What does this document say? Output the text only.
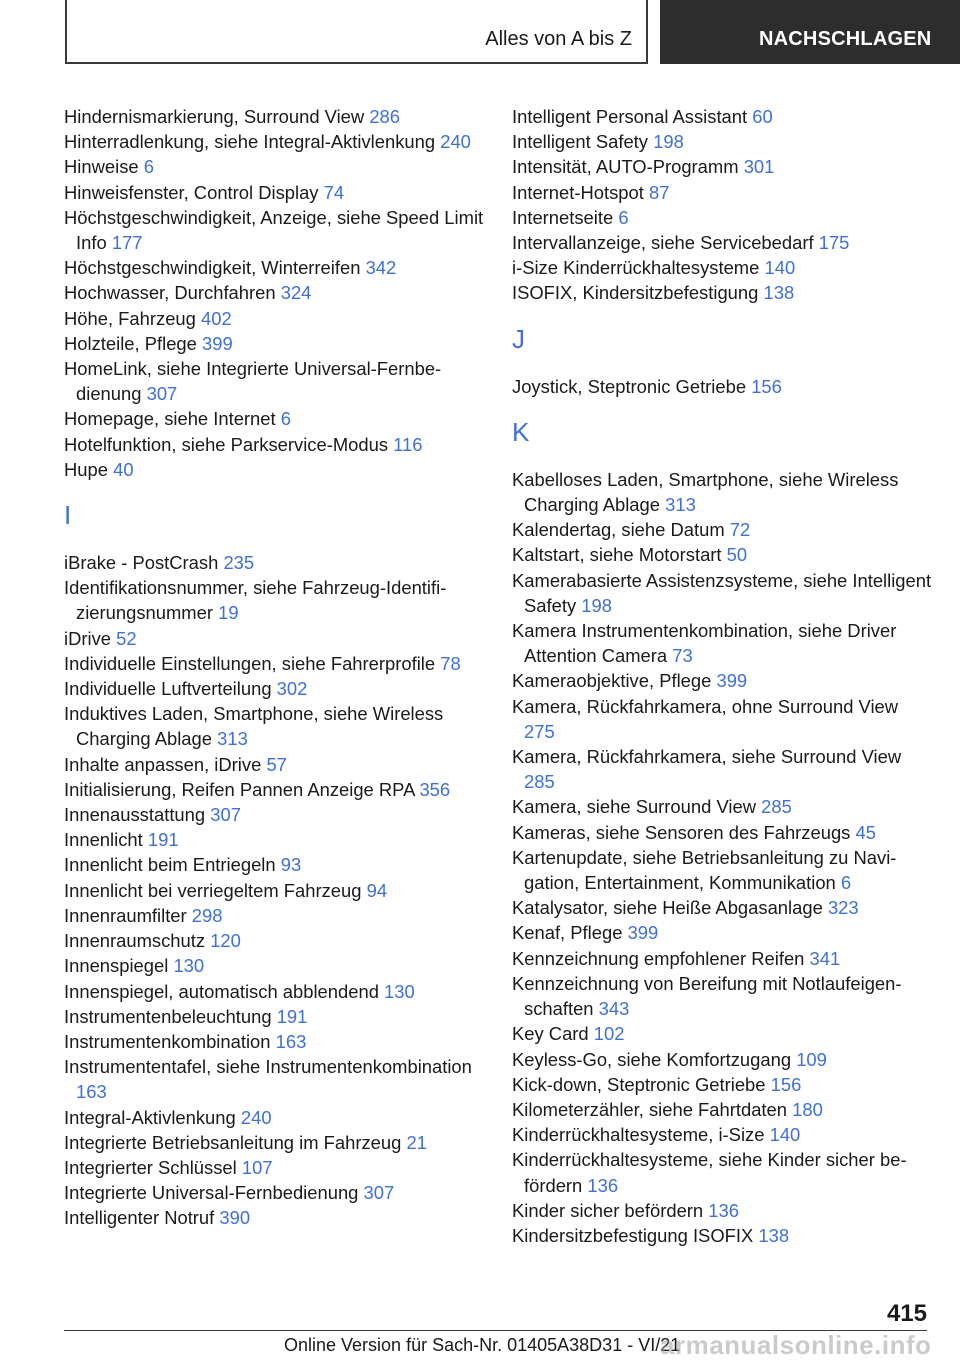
Alles von A bis Z	NACHSCHLAGEN
Hindernismarkierung, Surround View 286
Hinterradlenkung, siehe Integral-Aktivlenkung 240
Hinweise 6
Hinweisfenster, Control Display 74
Höchstgeschwindigkeit, Anzeige, siehe Speed Limit Info 177
Höchstgeschwindigkeit, Winterreifen 342
Hochwasser, Durchfahren 324
Höhe, Fahrzeug 402
Holzteile, Pflege 399
HomeLink, siehe Integrierte Universal-Fernbedienung 307
Homepage, siehe Internet 6
Hotelfunktion, siehe Parkservice-Modus 116
Hupe 40
I
iBrake - PostCrash 235
Identifikationsnummer, siehe Fahrzeug-Identifizierungsnummer 19
iDrive 52
Individuelle Einstellungen, siehe Fahrerprofile 78
Individuelle Luftverteilung 302
Induktives Laden, Smartphone, siehe Wireless Charging Ablage 313
Inhalte anpassen, iDrive 57
Initialisierung, Reifen Pannen Anzeige RPA 356
Innenausstattung 307
Innenlicht 191
Innenlicht beim Entriegeln 93
Innenlicht bei verriegeltem Fahrzeug 94
Innenraumfilter 298
Innenraumschutz 120
Innenspiegel 130
Innenspiegel, automatisch abblendend 130
Instrumentenbeleuchtung 191
Instrumentenkombination 163
Instrumententafel, siehe Instrumentenkombination 163
Integral-Aktivlenkung 240
Integrierte Betriebsanleitung im Fahrzeug 21
Integrierter Schlüssel 107
Integrierte Universal-Fernbedienung 307
Intelligenter Notruf 390
Intelligent Personal Assistant 60
Intelligent Safety 198
Intensität, AUTO-Programm 301
Internet-Hotspot 87
Internetseite 6
Intervallanzeige, siehe Servicebedarf 175
i-Size Kinderrückhaltesysteme 140
ISOFIX, Kindersitzbefestigung 138
J
Joystick, Steptronic Getriebe 156
K
Kabelloses Laden, Smartphone, siehe Wireless Charging Ablage 313
Kalendertag, siehe Datum 72
Kaltstart, siehe Motorstart 50
Kamerabasierte Assistenzsysteme, siehe Intelligent Safety 198
Kamera Instrumentenkombination, siehe Driver Attention Camera 73
Kameraobjektive, Pflege 399
Kamera, Rückfahrkamera, ohne Surround View 275
Kamera, Rückfahrkamera, siehe Surround View 285
Kamera, siehe Surround View 285
Kameras, siehe Sensoren des Fahrzeugs 45
Kartenupdate, siehe Betriebsanleitung zu Navigation, Entertainment, Kommunikation 6
Katalysator, siehe Heiße Abgasanlage 323
Kenaf, Pflege 399
Kennzeichnung empfohlener Reifen 341
Kennzeichnung von Bereifung mit Notlaufeigenschaften 343
Key Card 102
Keyless-Go, siehe Komfortzugang 109
Kick-down, Steptronic Getriebe 156
Kilometerzähler, siehe Fahrtdaten 180
Kinderrückhaltesysteme, i-Size 140
Kinderrückhaltesysteme, siehe Kinder sicher befördern 136
Kinder sicher befördern 136
Kindersitzbefestigung ISOFIX 138
415
Online Version für Sach-Nr. 01405A38D31 - VI/21
armanualsonline.info
